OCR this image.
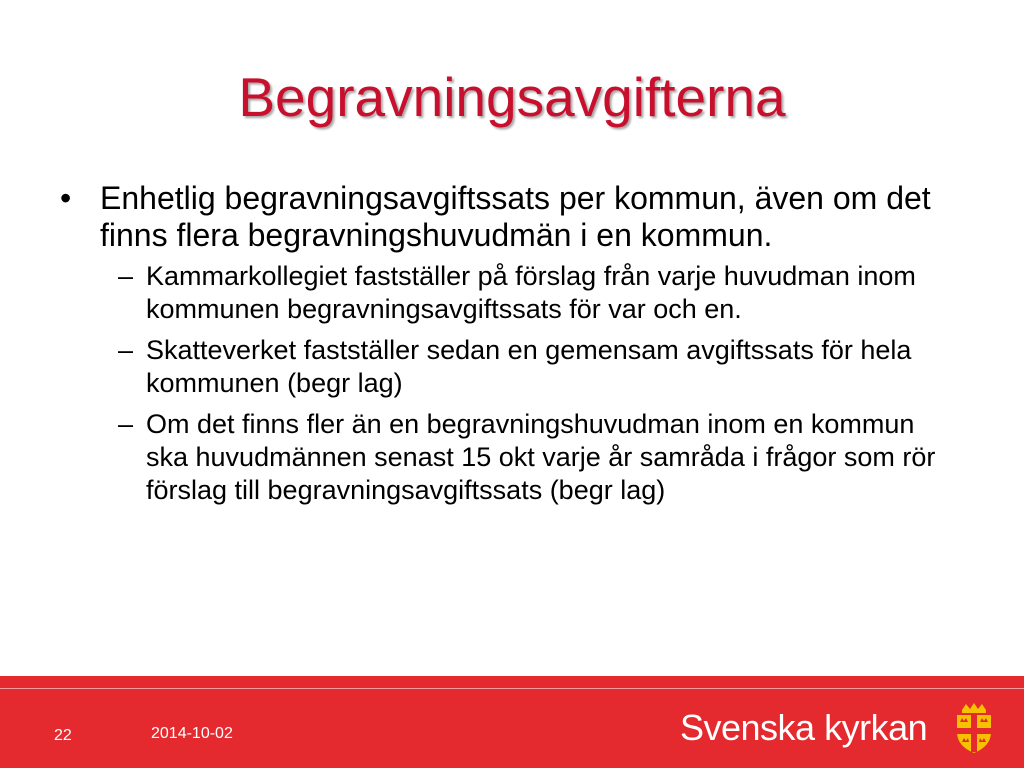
Begravningsavgifterna
• Enhetlig begravningsavgiftssats per kommun, även om det finns flera begravningshuvudmän i en kommun.
– Kammarkollegiet fastställer på förslag från varje huvudman inom kommunen begravningsavgiftssats för var och en.
– Skatteverket fastställer sedan en gemensam avgiftssats för hela kommunen (begr lag)
– Om det finns fler än en begravningshuvudman inom en kommun ska huvudmännen senast 15 okt varje år samråda i frågor som rör förslag till begravningsavgiftssats (begr lag)
22	2014-10-02	Svenska kyrkan
